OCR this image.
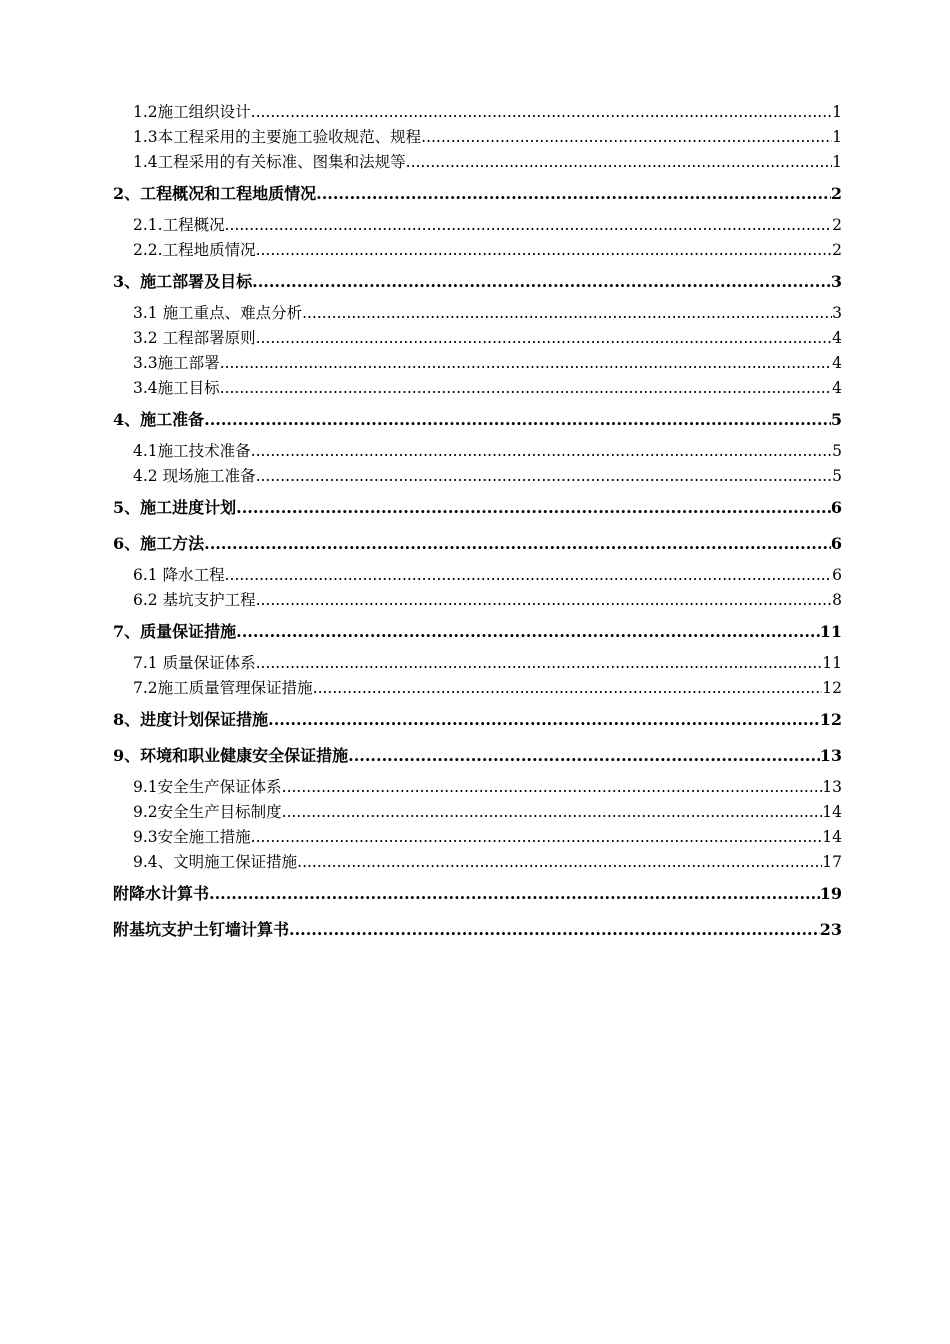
1.2施工组织设计 .....	1
1.3本工程采用的主要施工验收规范、规程 .....	1
1.4工程采用的有关标准、图集和法规等 .....	1
2、工程概况和工程地质情况 .....	2
2.1.工程概况 .....	2
2.2.工程地质情况 .....	2
3、施工部署及目标 .....	3
3.1 施工重点、难点分析 .....	3
3.2 工程部署原则 .....	4
3.3施工部署 .....	4
3.4施工目标 .....	4
4、施工准备 .....	5
4.1施工技术准备 .....	5
4.2 现场施工准备 .....	5
5、施工进度计划 .....	6
6、施工方法 .....	6
6.1 降水工程 .....	6
6.2 基坑支护工程 .....	8
7、质量保证措施 .....	11
7.1 质量保证体系 .....	11
7.2施工质量管理保证措施 .....	12
8、进度计划保证措施 .....	12
9、环境和职业健康安全保证措施 .....	13
9.1安全生产保证体系 .....	13
9.2安全生产目标制度 .....	14
9.3安全施工措施 .....	14
9.4、文明施工保证措施 .....	17
附降水计算书 .....	19
附基坑支护土钉墙计算书 .....	23
